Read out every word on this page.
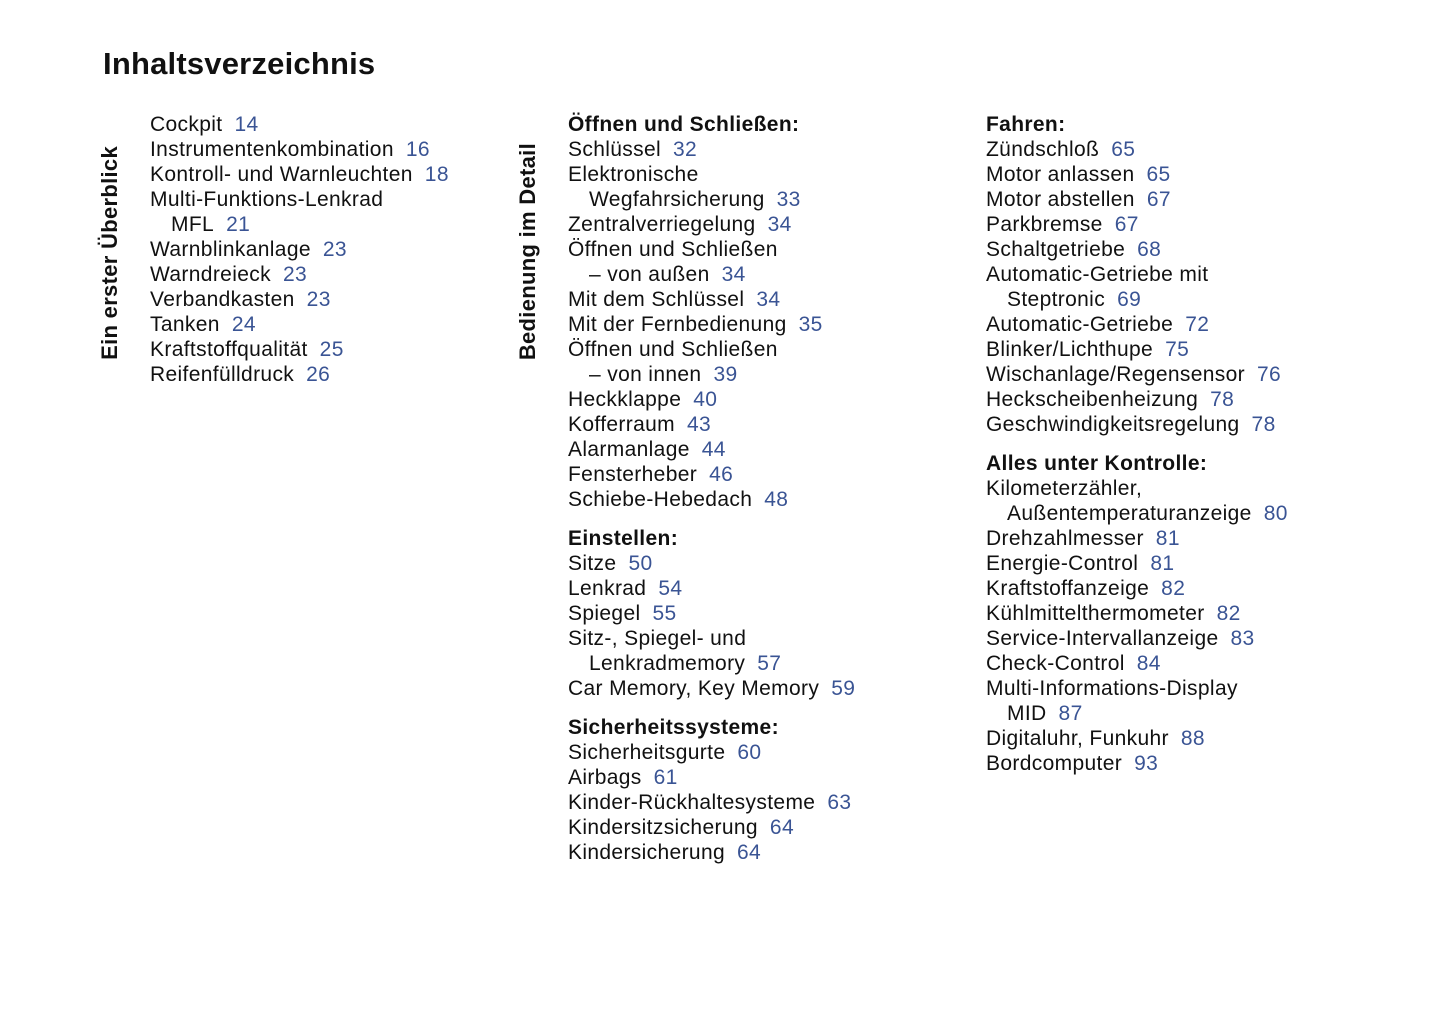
Inhaltsverzeichnis
Ein erster Überblick	Bedienung im Detail
Cockpit 14
Instrumentenkombination 16
Kontroll- und Warnleuchten 18
Multi-Funktions-Lenkrad
MFL 21
Warnblinkanlage 23
Warndreieck 23
Verbandkasten 23
Tanken 24
Kraftstoffqualität 25
Reifenfülldruck 26
Öffnen und Schließen:
Schlüssel 32
Elektronische
Wegfahrsicherung 33
Zentralverriegelung 34
Öffnen und Schließen
– von außen 34
Mit dem Schlüssel 34
Mit der Fernbedienung 35
Öffnen und Schließen
– von innen 39
Heckklappe 40
Kofferraum 43
Alarmanlage 44
Fensterheber 46
Schiebe-Hebedach 48
Einstellen:
Sitze 50
Lenkrad 54
Spiegel 55
Sitz-, Spiegel- und
Lenkradmemory 57
Car Memory, Key Memory 59
Sicherheitssysteme:
Sicherheitsgurte 60
Airbags 61
Kinder-Rückhaltesysteme 63
Kindersitzsicherung 64
Kindersicherung 64
Fahren:
Zündschloß 65
Motor anlassen 65
Motor abstellen 67
Parkbremse 67
Schaltgetriebe 68
Automatic-Getriebe mit
Steptronic 69
Automatic-Getriebe 72
Blinker/Lichthupe 75
Wischanlage/Regensensor 76
Heckscheibenheizung 78
Geschwindigkeitsregelung 78
Alles unter Kontrolle:
Kilometerzähler,
Außentemperaturanzeige 80
Drehzahlmesser 81
Energie-Control 81
Kraftstoffanzeige 82
Kühlmittelthermometer 82
Service-Intervallanzeige 83
Check-Control 84
Multi-Informations-Display
MID 87
Digitaluhr, Funkuhr 88
Bordcomputer 93
